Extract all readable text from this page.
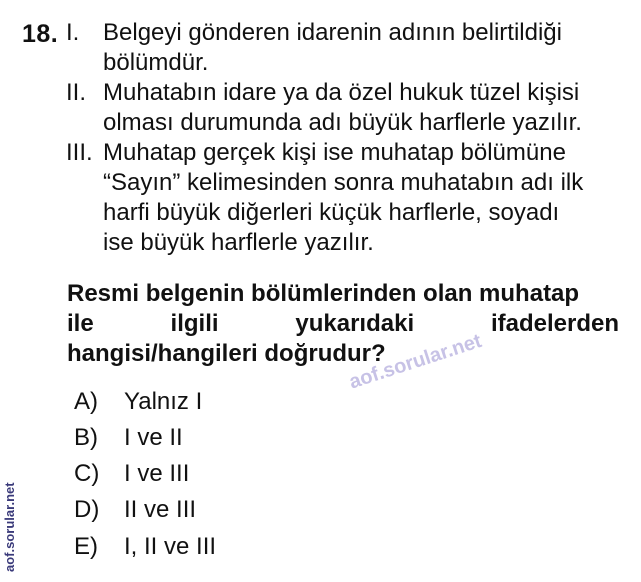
18. I. Belgeyi gönderen idarenin adının belirtildiği
bölümdür.
II. Muhatabın idare ya da özel hukuk tüzel kişisi
olması durumunda adı büyük harflerle yazılır.
III. Muhatap gerçek kişi ise muhatap bölümüne
“Sayın” kelimesinden sonra muhatabın adı ilk
harfi büyük diğerleri küçük harflerle, soyadı
ise büyük harflerle yazılır.
Resmi belgenin bölümlerinden olan muhatap
ile	ilgili	yukarıdaki	ifadelerden
hangisi/hangileri doğrudur?
A) Yalnız I
B) I ve II
C) I ve III
D) II ve III
E) I, II ve III
aof.sorular.net
aof.sorular.net
